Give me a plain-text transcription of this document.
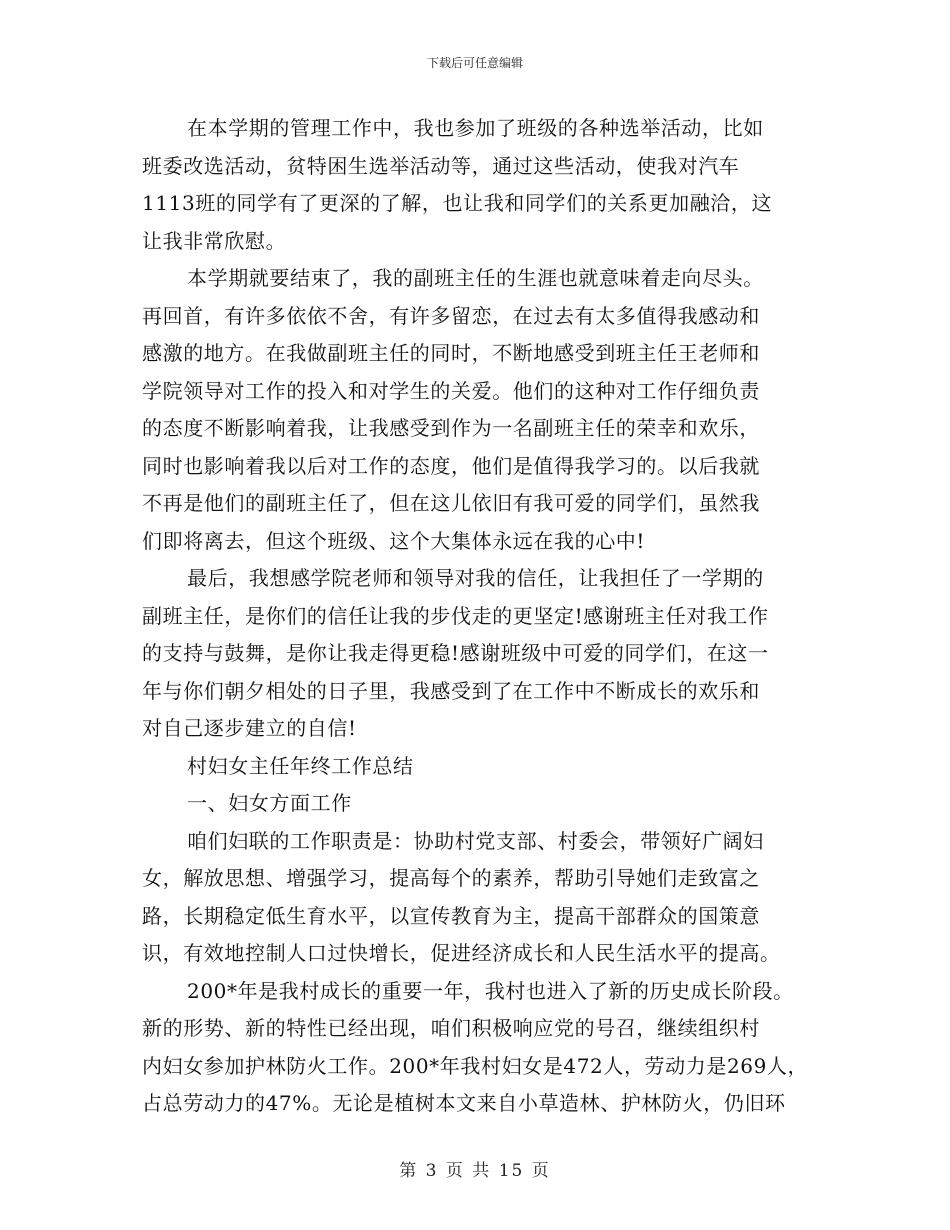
下载后可任意编辑
在本学期的管理工作中，我也参加了班级的各种选举活动，比如
班委改选活动，贫特困生选举活动等，通过这些活动，使我对汽车
1113班的同学有了更深的了解，也让我和同学们的关系更加融洽，这
让我非常欣慰。
本学期就要结束了，我的副班主任的生涯也就意味着走向尽头。
再回首，有许多依依不舍，有许多留恋，在过去有太多值得我感动和
感激的地方。在我做副班主任的同时，不断地感受到班主任王老师和
学院领导对工作的投入和对学生的关爱。他们的这种对工作仔细负责
的态度不断影响着我，让我感受到作为一名副班主任的荣幸和欢乐，
同时也影响着我以后对工作的态度，他们是值得我学习的。以后我就
不再是他们的副班主任了，但在这儿依旧有我可爱的同学们，虽然我
们即将离去，但这个班级、这个大集体永远在我的心中!
最后，我想感学院老师和领导对我的信任，让我担任了一学期的
副班主任，是你们的信任让我的步伐走的更坚定!感谢班主任对我工作
的支持与鼓舞，是你让我走得更稳!感谢班级中可爱的同学们，在这一
年与你们朝夕相处的日子里，我感受到了在工作中不断成长的欢乐和
对自己逐步建立的自信!
村妇女主任年终工作总结
一、妇女方面工作
咱们妇联的工作职责是：协助村党支部、村委会，带领好广阔妇
女，解放思想、增强学习，提高每个的素养，帮助引导她们走致富之
路，长期稳定低生育水平，以宣传教育为主，提高干部群众的国策意
识，有效地控制人口过快增长，促进经济成长和人民生活水平的提高。
200*年是我村成长的重要一年，我村也进入了新的历史成长阶段。
新的形势、新的特性已经出现，咱们积极响应党的号召，继续组织村
内妇女参加护林防火工作。200*年我村妇女是472人，劳动力是269人，
占总劳动力的47%。无论是植树本文来自小草造林、护林防火，仍旧环
第 3 页 共 15 页
